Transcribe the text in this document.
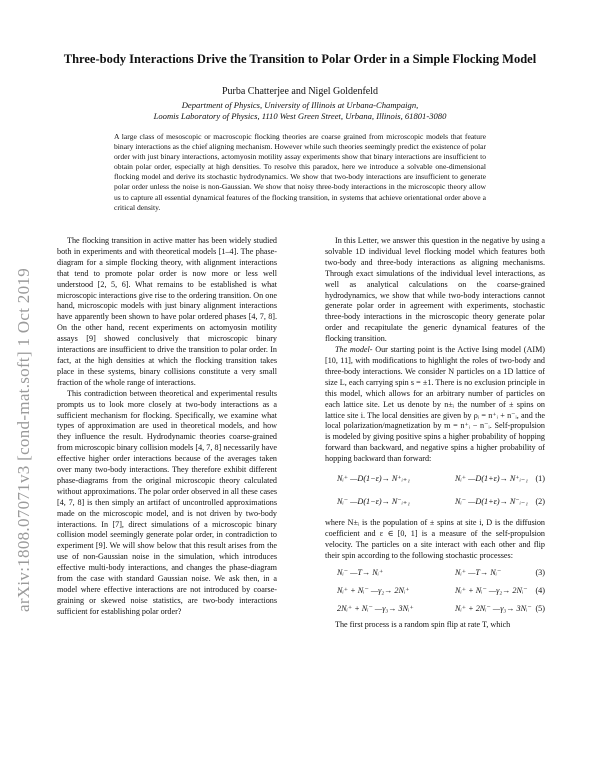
arXiv:1808.07071v3 [cond-mat.soft] 1 Oct 2019
Three-body Interactions Drive the Transition to Polar Order in a Simple Flocking Model
Purba Chatterjee and Nigel Goldenfeld
Department of Physics, University of Illinois at Urbana-Champaign,
Loomis Laboratory of Physics, 1110 West Green Street, Urbana, Illinois, 61801-3080
A large class of mesoscopic or macroscopic flocking theories are coarse grained from microscopic models that feature binary interactions as the chief aligning mechanism. However while such theories seemingly predict the existence of polar order with just binary interactions, actomyosin motility assay experiments show that binary interactions are insufficient to obtain polar order, especially at high densities. To resolve this paradox, here we introduce a solvable one-dimensional flocking model and derive its stochastic hydrodynamics. We show that two-body interactions are insufficient to generate polar order unless the noise is non-Gaussian. We show that noisy three-body interactions in the microscopic theory allow us to capture all essential dynamical features of the flocking transition, in systems that achieve orientational order above a critical density.

The flocking transition in active matter has been widely studied both in experiments and with theoretical models [1–4]. The phase-diagram for a simple flocking theory, with alignment interactions that tend to promote polar order is now more or less well understood [2, 5, 6]. What remains to be established is what microscopic interactions give rise to the ordering transition. On one hand, microscopic models with just binary alignment interactions have apparently been shown to have polar ordered phases [4, 7, 8]. On the other hand, recent experiments on actomyosin motility assays [9] showed conclusively that microscopic binary interactions are insufficient to drive the transition to polar order. In fact, at the high densities at which the flocking transition takes place in these systems, binary collisions constitute a very small fraction of the whole range of interactions.

This contradiction between theoretical and experimental results prompts us to look more closely at two-body interactions as a sufficient mechanism for flocking. Specifically, we examine what types of approximation are used in theoretical models, and how they influence the result. Hydrodynamic theories coarse-grained from microscopic binary collision models [4, 7, 8] necessarily have effective higher order interactions because of the averages taken over many two-body interactions. They therefore exhibit different phase-diagrams from the original microscopic theory calculated without approximations. The polar order observed in all these cases [4, 7, 8] is then simply an artifact of uncontrolled approximations made on the microscopic model, and is not driven by two-body interactions. In [7], direct simulations of a microscopic binary collision model seemingly generate polar order, in contradiction to experiment [9]. We will show below that this result arises from the use of non-Gaussian noise in the simulation, which introduces effective multi-body interactions, and changes the phase-diagram from the case with standard Gaussian noise. We ask then, in a model where effective interactions are not introduced by coarse-graining or skewed noise statistics, are two-body interactions sufficient for establishing polar order?

In this Letter, we answer this question in the negative by using a solvable 1D individual level flocking model which features both two-body and three-body interactions as aligning mechanisms. Through exact simulations of the individual level interactions, as well as analytical calculations on the coarse-grained hydrodynamics, we show that while two-body interactions cannot generate polar order in agreement with experiments, stochastic three-body interactions in the microscopic theory generate polar order and recapitulate the generic dynamical features of the flocking transition.

The model- Our starting point is the Active Ising model (AIM) [10, 11], with modifications to highlight the roles of two-body and three-body interactions. We consider N particles on a 1D lattice of size L, each carrying spin s = ±1. There is no exclusion principle in this model, which allows for an arbitrary number of particles on each lattice site. Let us denote by n±ᵢ the number of ± spins on lattice site i. The local densities are given by ρᵢ = n⁺ᵢ + n⁻ᵢ, and the local polarization/magnetization by m = n⁺ᵢ − n⁻ᵢ. Self-propulsion is modeled by giving positive spins a higher probability of hopping forward than backward, and negative spins a higher probability of hopping backward than forward:

Nᵢ⁺ —D(1−ε)→ N⁺ᵢ₊₁	Nᵢ⁺ —D(1+ε)→ N⁺ᵢ₋₁ (1)
Nᵢ⁻ —D(1−ε)→ N⁻ᵢ₊₁	Nᵢ⁻ —D(1+ε)→ N⁻ᵢ₋₁ (2)

where N±ᵢ is the population of ± spins at site i, D is the diffusion coefficient and ε ∈ [0, 1] is a measure of the self-propulsion velocity. The particles on a site interact with each other and flip their spin according to the following stochastic processes:

Nᵢ⁻ —T→ Nᵢ⁺	Nᵢ⁺ —T→ Nᵢ⁻	(3)
Nᵢ⁺ + Nᵢ⁻ —γ₂→ 2Nᵢ⁺	Nᵢ⁺ + Nᵢ⁻ —γ₂→ 2Nᵢ⁻ (4)
2Nᵢ⁺ + Nᵢ⁻ —γ₃→ 3Nᵢ⁺	Nᵢ⁺ + 2Nᵢ⁻ —γ₃→ 3Nᵢ⁻ (5)

The first process is a random spin flip at rate T, which
